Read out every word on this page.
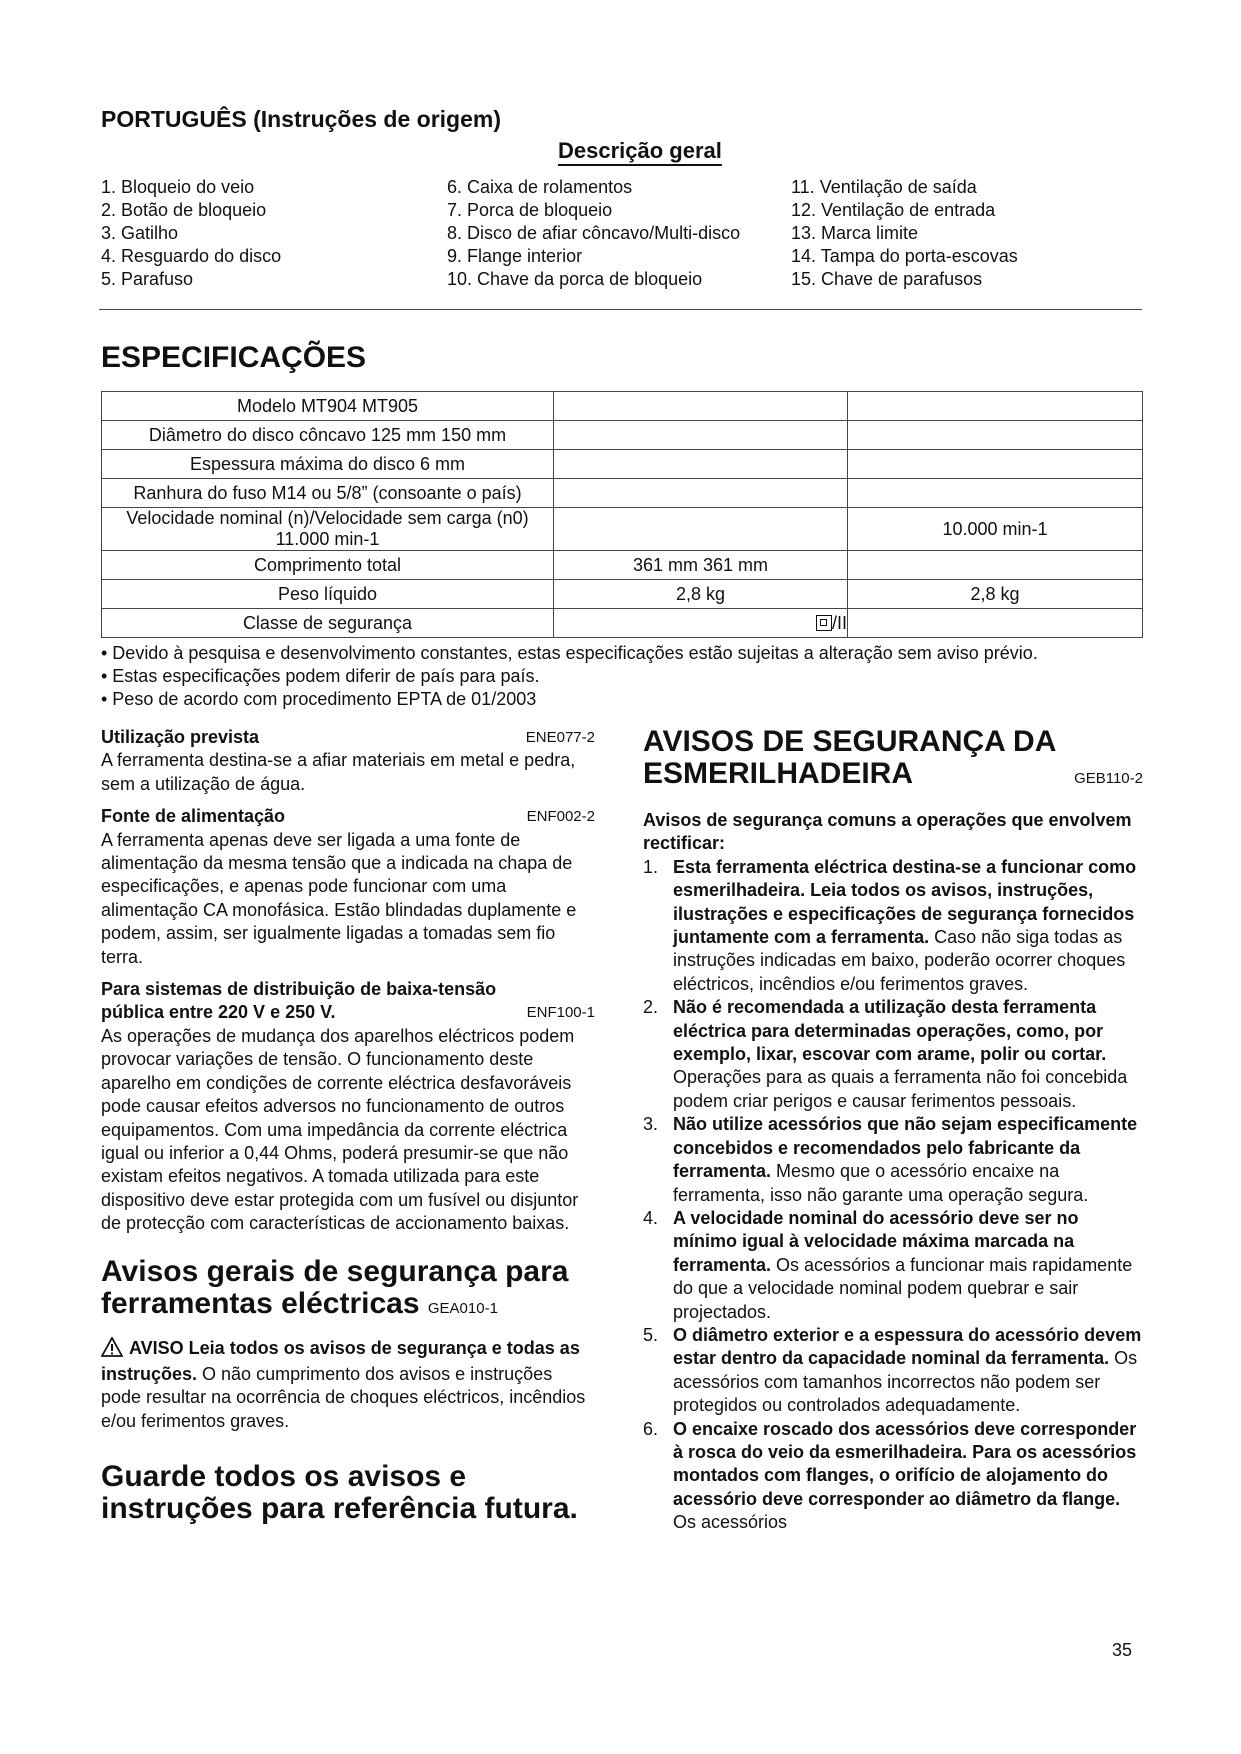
PORTUGUÊS (Instruções de origem)
Descrição geral
1. Bloqueio do veio
2. Botão de bloqueio
3. Gatilho
4. Resguardo do disco
5. Parafuso
6. Caixa de rolamentos
7. Porca de bloqueio
8. Disco de afiar côncavo/Multi-disco
9. Flange interior
10. Chave da porca de bloqueio
11. Ventilação de saída
12. Ventilação de entrada
13. Marca limite
14. Tampa do porta-escovas
15. Chave de parafusos
ESPECIFICAÇÕES
Modelo MT904 MT905		
Diâmetro do disco côncavo 125 mm 150 mm		
Espessura máxima do disco 6 mm		
Ranhura do fuso M14 ou 5/8” (consoante o país)		
Velocidade nominal (n)/Velocidade sem carga (n0) 11.000 min-1		10.000 min-1
Comprimento total	361 mm 361 mm	
Peso líquido	2,8 kg	2,8 kg
Classe de segurança	/II	
• Devido à pesquisa e desenvolvimento constantes, estas especificações estão sujeitas a alteração sem aviso prévio.
• Estas especificações podem diferir de país para país.
• Peso de acordo com procedimento EPTA de 01/2003
Utilização prevista	ENE077-2

A ferramenta destina-se a afiar materiais em metal e pedra, sem a utilização de água.

Fonte de alimentação	ENF002-2

A ferramenta apenas deve ser ligada a uma fonte de alimentação da mesma tensão que a indicada na chapa de especificações, e apenas pode funcionar com uma alimentação CA monofásica. Estão blindadas duplamente e podem, assim, ser igualmente ligadas a tomadas sem fio terra.

Para sistemas de distribuição de baixa-tensão
pública entre 220 V e 250 V.	ENF100-1

As operações de mudança dos aparelhos eléctricos podem provocar variações de tensão. O funcionamento deste aparelho em condições de corrente eléctrica desfavoráveis pode causar efeitos adversos no funcionamento de outros equipamentos. Com uma impedância da corrente eléctrica igual ou inferior a 0,44 Ohms, poderá presumir-se que não existam efeitos negativos. A tomada utilizada para este dispositivo deve estar protegida com um fusível ou disjuntor de protecção com características de accionamento baixas.

Avisos gerais de segurança para
ferramentas eléctricas GEA010-1

AVISO Leia todos os avisos de segurança e todas as instruções. O não cumprimento dos avisos e instruções pode resultar na ocorrência de choques eléctricos, incêndios e/ou ferimentos graves.

Guarde todos os avisos e
instruções para referência futura.
AVISOS DE SEGURANÇA DA
ESMERILHADEIRA	GEB110-2

Avisos de segurança comuns a operações que envolvem rectificar:

1. Esta ferramenta eléctrica destina-se a funcionar como esmerilhadeira. Leia todos os avisos, instruções, ilustrações e especificações de segurança fornecidos juntamente com a ferramenta. Caso não siga todas as instruções indicadas em baixo, poderão ocorrer choques eléctricos, incêndios e/ou ferimentos graves.
2. Não é recomendada a utilização desta ferramenta eléctrica para determinadas operações, como, por exemplo, lixar, escovar com arame, polir ou cortar. Operações para as quais a ferramenta não foi concebida podem criar perigos e causar ferimentos pessoais.
3. Não utilize acessórios que não sejam especificamente concebidos e recomendados pelo fabricante da ferramenta. Mesmo que o acessório encaixe na ferramenta, isso não garante uma operação segura.
4. A velocidade nominal do acessório deve ser no mínimo igual à velocidade máxima marcada na ferramenta. Os acessórios a funcionar mais rapidamente do que a velocidade nominal podem quebrar e sair projectados.
5. O diâmetro exterior e a espessura do acessório devem estar dentro da capacidade nominal da ferramenta. Os acessórios com tamanhos incorrectos não podem ser protegidos ou controlados adequadamente.
6. O encaixe roscado dos acessórios deve corresponder à rosca do veio da esmerilhadeira. Para os acessórios montados com flanges, o orifício de alojamento do acessório deve corresponder ao diâmetro da flange. Os acessórios
35
